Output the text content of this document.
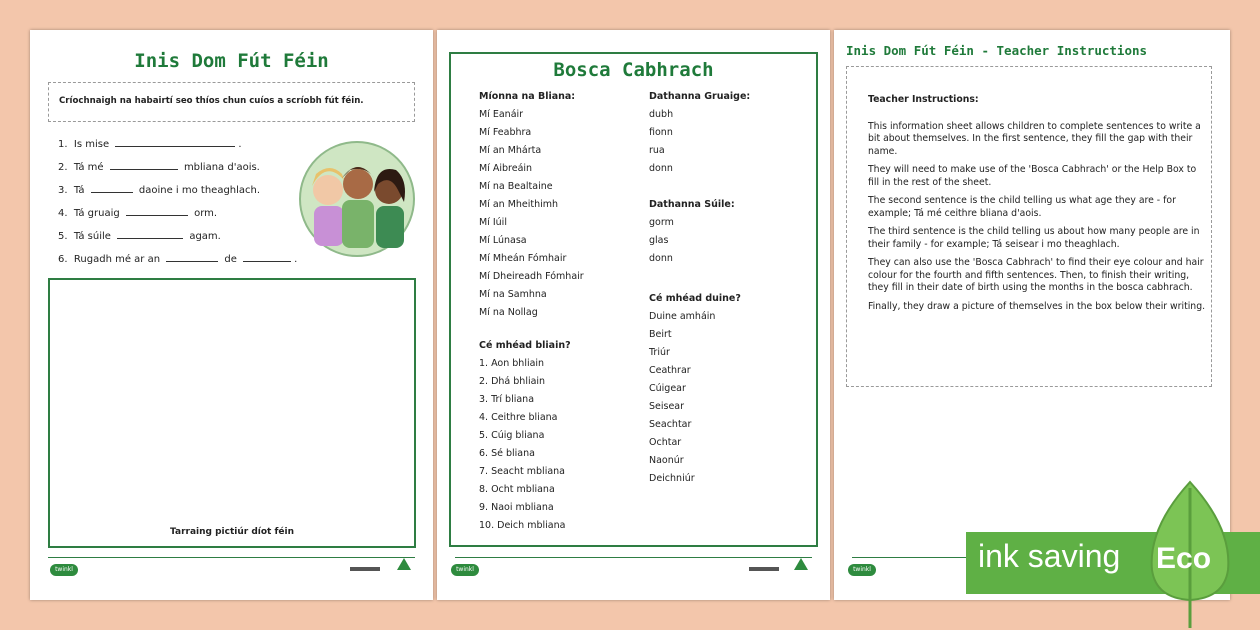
Inis Dom Fút Féin
Críochnaigh na habairtí seo thíos chun cuíos a scríobh fút féin.
1. Is mise	.
2. Tá mé	mbliana d'aois.
3. Tá	daoine i mo theaghlach.
4. Tá gruaig	orm.
5. Tá súile	agam.
6. Rugadh mé ar an	de	.
Tarraing pictiúr díot féin
twinkl
Bosca Cabhrach
Míonna na Bliana:
Mí Eanáir
Mí Feabhra
Mí an Mhárta
Mí Aibreáin
Mí na Bealtaine
Mí an Mheithimh
Mí Iúil
Mí Lúnasa
Mí Mheán Fómhair
Mí Dheireadh Fómhair
Mí na Samhna
Mí na Nollag
Cé mhéad bliain?
1. Aon bhliain
2. Dhá bhliain
3. Trí bliana
4. Ceithre bliana
5. Cúig bliana
6. Sé bliana
7. Seacht mbliana
8. Ocht mbliana
9. Naoi mbliana
10. Deich mbliana
Dathanna Gruaige:
dubh
fionn
rua
donn
Dathanna Súile:
gorm
glas
donn
Cé mhéad duine?
Duine amháin
Beirt
Triúr
Ceathrar
Cúigear
Seisear
Seachtar
Ochtar
Naonúr
Deichniúr
twinkl
Inis Dom Fút Féin - Teacher Instructions

Teacher Instructions:

This information sheet allows children to complete sentences to write a bit about themselves. In the first sentence, they fill the gap with their name.

They will need to make use of the 'Bosca Cabhrach' or the Help Box to fill in the rest of the sheet.

The second sentence is the child telling us what age they are - for example; Tá mé ceithre bliana d'aois.

The third sentence is the child telling us about how many people are in their family - for example; Tá seisear i mo theaghlach.

They can also use the 'Bosca Cabhrach' to find their eye colour and hair colour for the fourth and fifth sentences. Then, to finish their writing, they fill in their date of birth using the months in the bosca cabhrach.

Finally, they draw a picture of themselves in the box below their writing.

twinkl	ink saving Eco
